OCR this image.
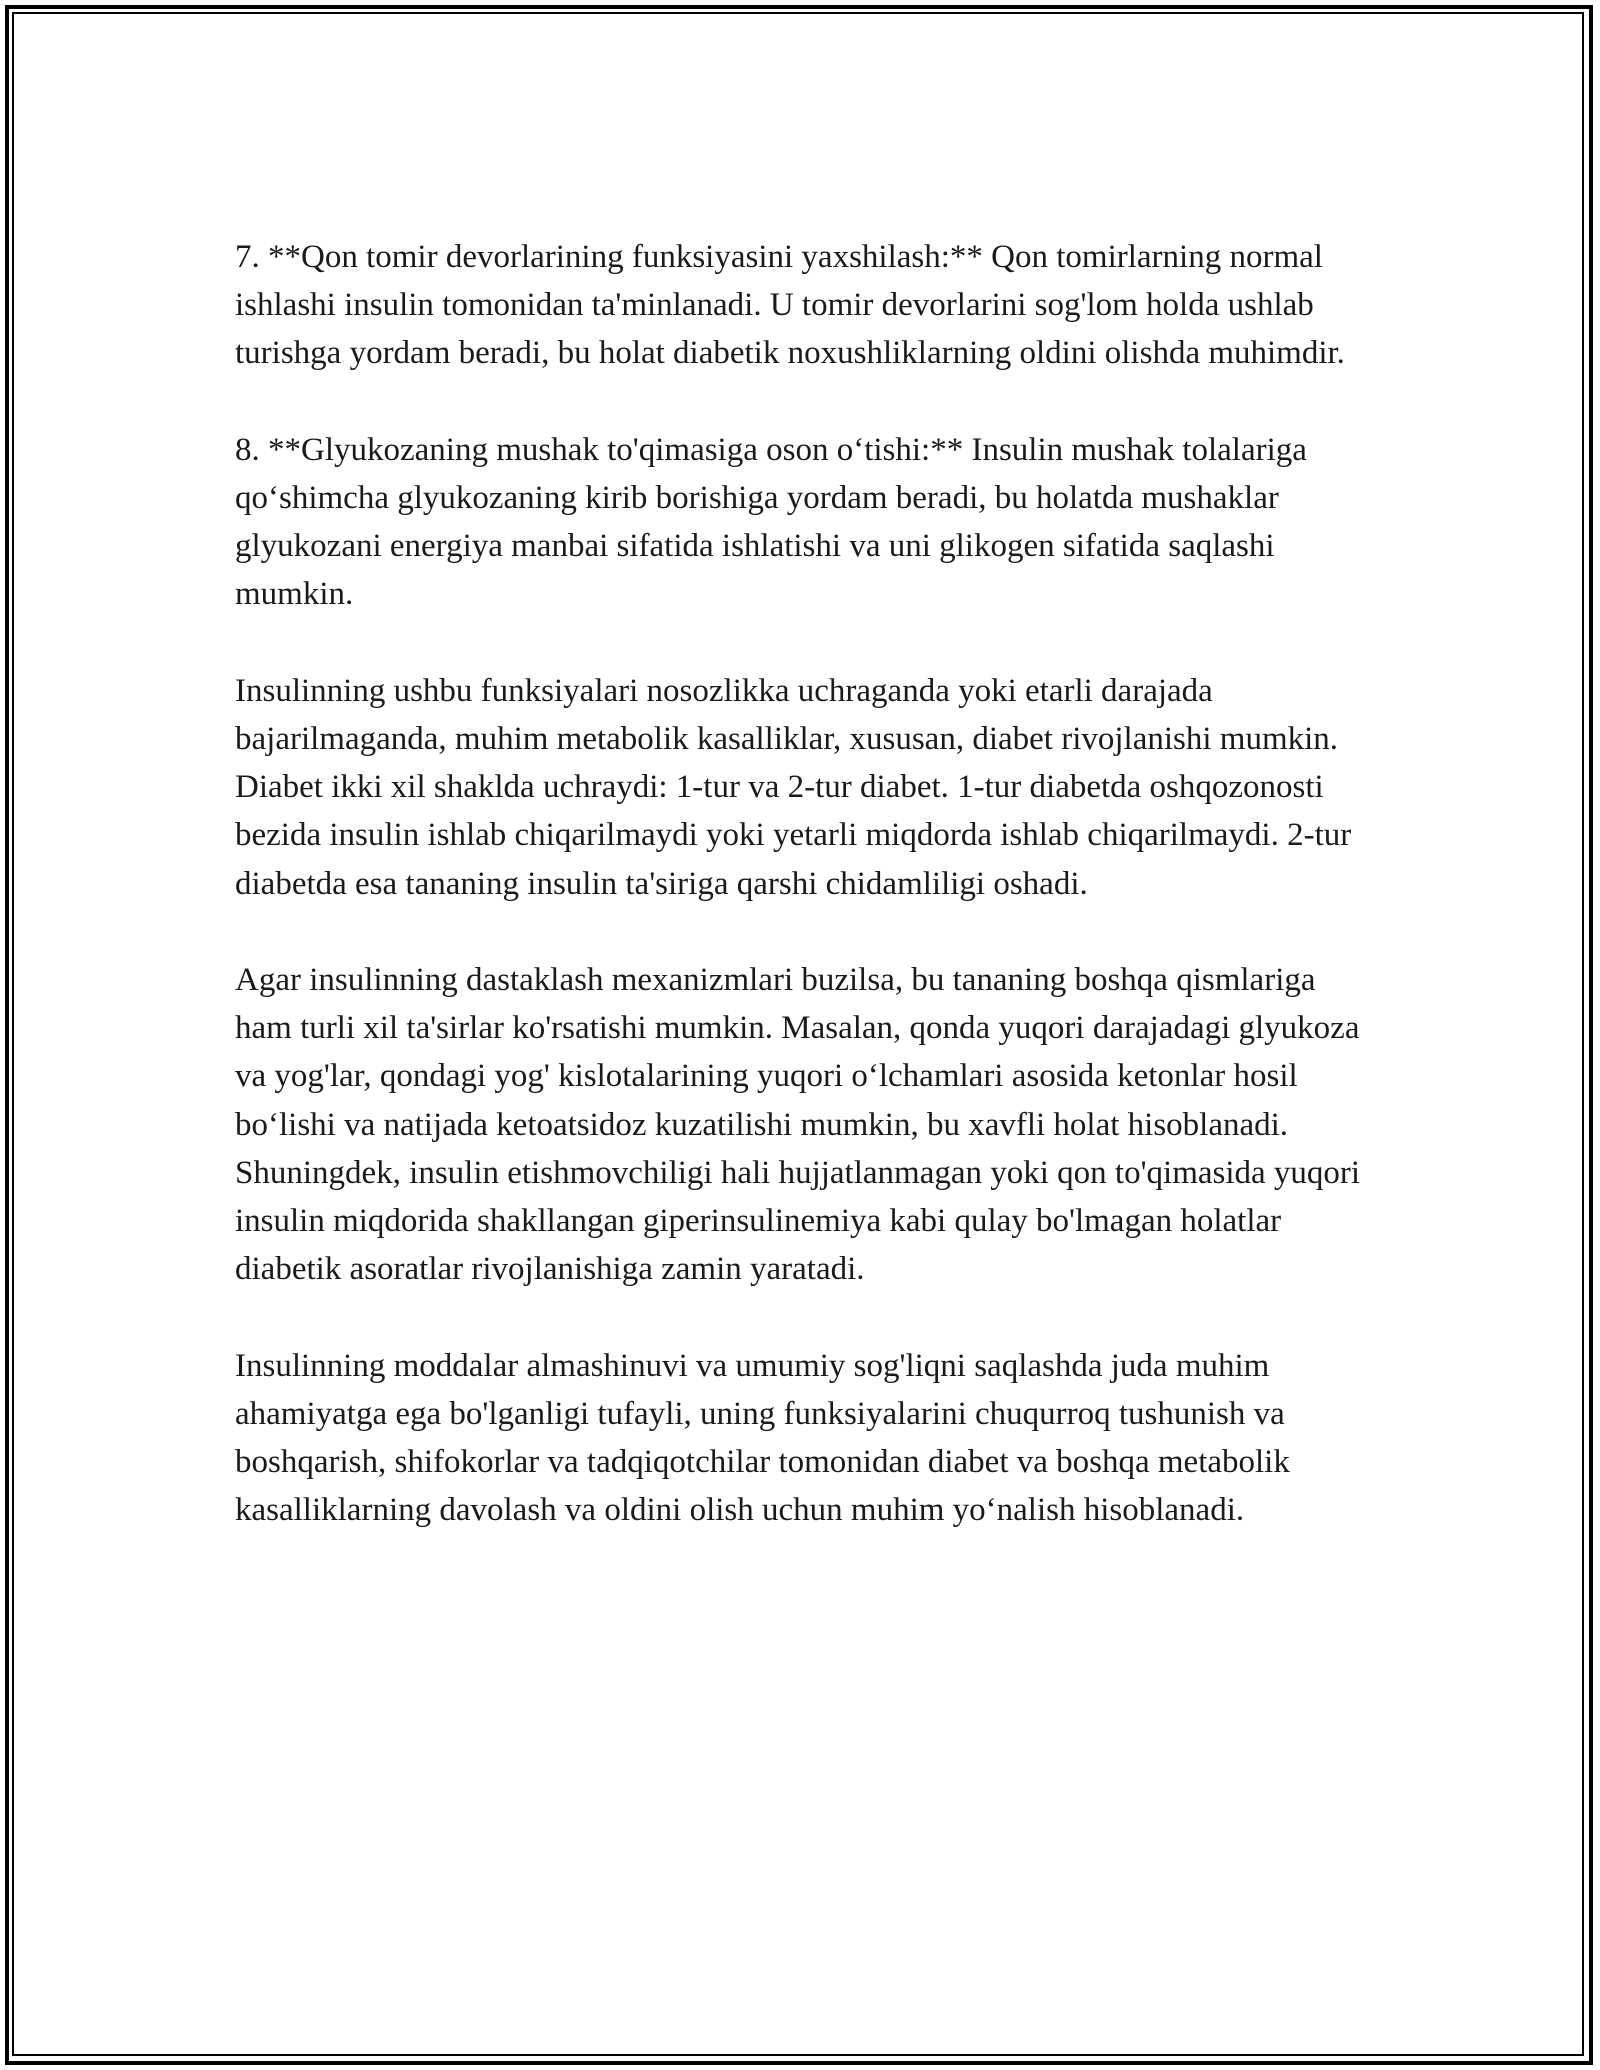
7. **Qon tomir devorlarining funksiyasini yaxshilash:** Qon tomirlarning normal ishlashi insulin tomonidan ta'minlanadi. U tomir devorlarini sog'lom holda ushlab turishga yordam beradi, bu holat diabetik noxushliklarning oldini olishda muhimdir.

8. **Glyukozaning mushak to'qimasiga oson oʻtishi:** Insulin mushak tolalariga qoʻshimcha glyukozaning kirib borishiga yordam beradi, bu holatda mushaklar glyukozani energiya manbai sifatida ishlatishi va uni glikogen sifatida saqlashi mumkin.

Insulinning ushbu funksiyalari nosozlikka uchraganda yoki etarli darajada bajarilmaganda, muhim metabolik kasalliklar, xususan, diabet rivojlanishi mumkin. Diabet ikki xil shaklda uchraydi: 1-tur va 2-tur diabet. 1-tur diabetda oshqozonosti bezida insulin ishlab chiqarilmaydi yoki yetarli miqdorda ishlab chiqarilmaydi. 2-tur diabetda esa tananing insulin ta'siriga qarshi chidamliligi oshadi.

Agar insulinning dastaklash mexanizmlari buzilsa, bu tananing boshqa qismlariga ham turli xil ta'sirlar ko'rsatishi mumkin. Masalan, qonda yuqori darajadagi glyukoza va yog'lar, qondagi yog' kislotalarining yuqori oʻlchamlari asosida ketonlar hosil boʻlishi va natijada ketoatsidoz kuzatilishi mumkin, bu xavfli holat hisoblanadi. Shuningdek, insulin etishmovchiligi hali hujjatlanmagan yoki qon to'qimasida yuqori insulin miqdorida shakllangan giperinsulinemiya kabi qulay bo'lmagan holatlar diabetik asoratlar rivojlanishiga zamin yaratadi.

Insulinning moddalar almashinuvi va umumiy sog'liqni saqlashda juda muhim ahamiyatga ega bo'lganligi tufayli, uning funksiyalarini chuqurroq tushunish va boshqarish, shifokorlar va tadqiqotchilar tomonidan diabet va boshqa metabolik kasalliklarning davolash va oldini olish uchun muhim yoʻnalish hisoblanadi.
